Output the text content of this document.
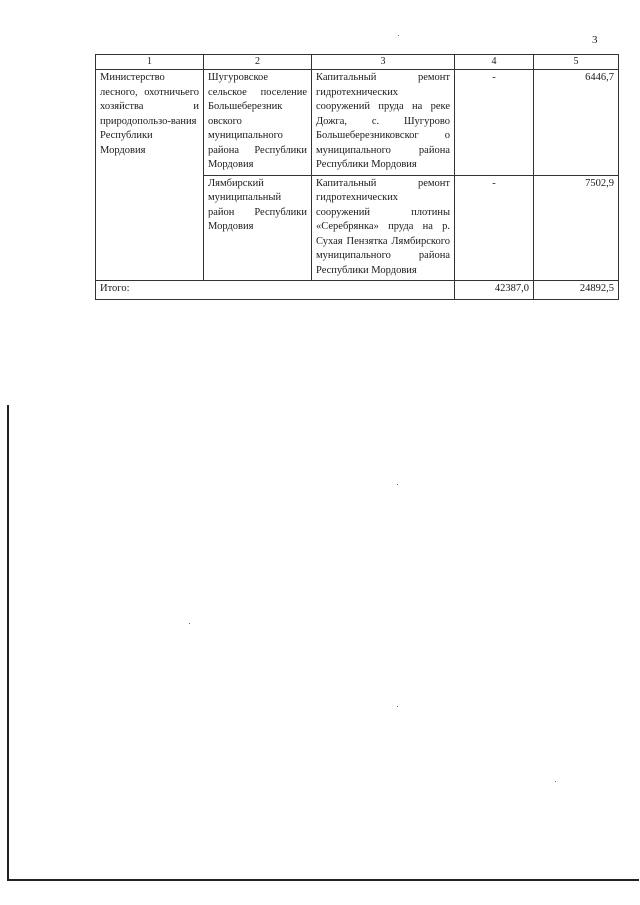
3
1	2	3	4	5
Министерство лесного, охотничьего хозяйства и природопользо-вания Республики Мордовия	Шугуровское сельское поселение Большеберезник овского муниципального района Республики Мордовия	Капитальный ремонт гидротехнических сооружений пруда на реке Дожга, с. Шугурово Большеберезниковског о муниципального района Республики Мордовия	-	6446,7
	Лямбирский муниципальный район Республики Мордовия	Капитальный ремонт гидротехнических сооружений плотины «Серебрянка» пруда на р. Сухая Пензятка Лямбирского муниципального района Республики Мордовия	-	7502,9
Итого:			42387,0	24892,5
